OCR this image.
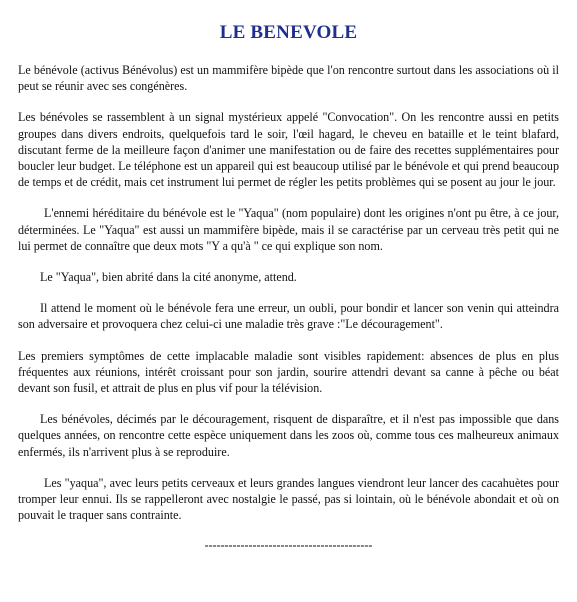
LE BENEVOLE

Le bénévole (activus Bénévolus) est un mammifère bipède que l'on rencontre surtout dans les associations où il peut se réunir avec ses congénères.

Les bénévoles se rassemblent à un signal mystérieux appelé "Convocation". On les rencontre aussi en petits groupes dans divers endroits, quelquefois tard le soir, l'œil hagard, le cheveu en bataille et le teint blafard, discutant ferme de la meilleure façon d'animer une manifestation ou de faire des recettes supplémentaires pour boucler leur budget. Le téléphone est un appareil qui est beaucoup utilisé par le bénévole et qui prend beaucoup de temps et de crédit, mais cet instrument lui permet de régler les petits problèmes qui se posent au jour le jour.

L'ennemi héréditaire du bénévole est le "Yaqua" (nom populaire) dont les origines n'ont pu être, à ce jour, déterminées. Le "Yaqua" est aussi un mammifère bipède, mais il se caractérise par un cerveau très petit qui ne lui permet de connaître que deux mots "Y a qu'à " ce qui explique son nom.

Le "Yaqua", bien abrité dans la cité anonyme, attend.

Il attend le moment où le bénévole fera une erreur, un oubli, pour bondir et lancer son venin qui atteindra son adversaire et provoquera chez celui-ci une maladie très grave :"Le découragement".

Les premiers symptômes de cette implacable maladie sont visibles rapidement: absences de plus en plus fréquentes aux réunions, intérêt croissant pour son jardin, sourire attendri devant sa canne à pêche ou béat devant son fusil, et attrait de plus en plus vif pour la télévision.

Les bénévoles, décimés par le découragement, risquent de disparaître, et il n'est pas impossible que dans quelques années, on rencontre cette espèce uniquement dans les zoos où, comme tous ces malheureux animaux enfermés, ils n'arrivent plus à se reproduire.

Les "yaqua", avec leurs petits cerveaux et leurs grandes langues viendront leur lancer des cacahuètes pour tromper leur ennui. Ils se rappelleront avec nostalgie le passé, pas si lointain, où le bénévole abondait et où on pouvait le traquer sans contrainte.

------------------------------------------
